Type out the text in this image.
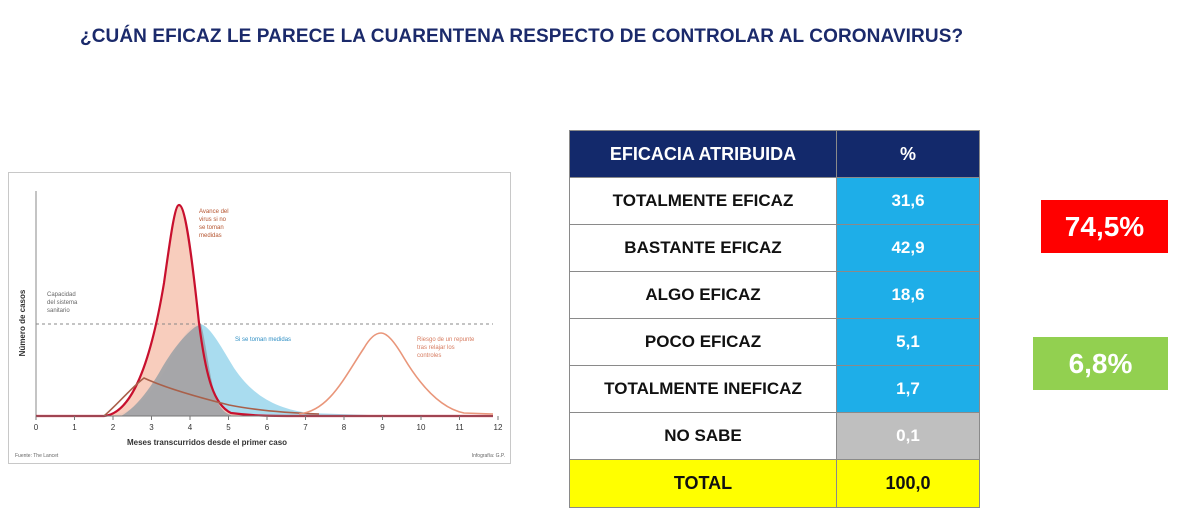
¿CUÁN EFICAZ LE PARECE LA CUARENTENA RESPECTO DE CONTROLAR AL CORONAVIRUS?
0	1	2	3	4	5	6	7	8	9	10	11	12
Meses transcurridos desde el primer caso
Número de casos	Capacidad
del sistema
sanitario
Avance del
virus si no
se toman
medidas
Si se toman medidas	Riesgo de un repunte
tras relajar los
controles
Fuente: The Lancet	Infografía: G.P.
EFICACIA ATRIBUIDA	%
TOTALMENTE EFICAZ	31,6
BASTANTE EFICAZ	42,9
ALGO EFICAZ	18,6
POCO EFICAZ	5,1
TOTALMENTE INEFICAZ	1,7
NO SABE	0,1
TOTAL	100,0
74,5%
6,8%
